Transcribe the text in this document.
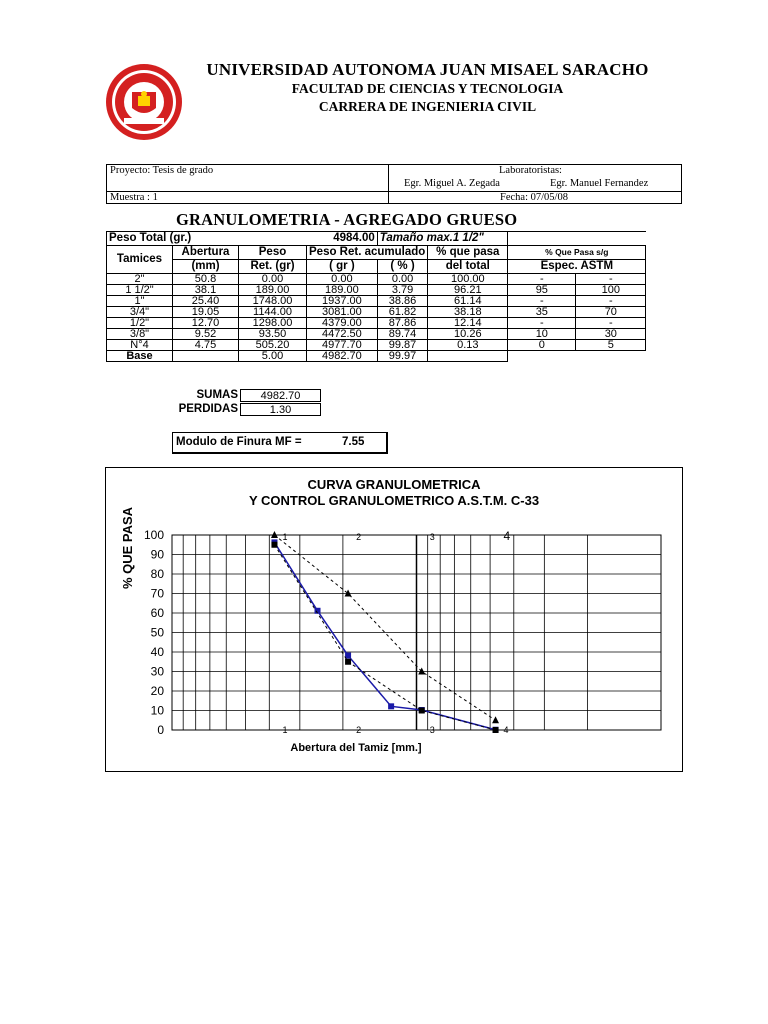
UNIVERSIDAD AUTONOMA JUAN MISAEL SARACHO
FACULTAD DE CIENCIAS Y TECNOLOGIA
CARRERA DE INGENIERIA CIVIL
Proyecto: Tesis de grado
Muestra : 1
Laboratoristas:
Egr. Miguel A. Zegada	Egr. Manuel Fernandez
Fecha: 07/05/08
GRANULOMETRIA - AGREGADO GRUESO
Peso Total (gr.)			4984.00	Tamaño max.1 1/2"			
Tamices	Abertura	Peso	Peso Ret. acumulado		% que pasa	% Que Pasa s/g	
	(mm)	Ret. (gr)	( gr )	( % )	del total	Espec. ASTM	
2"	50.8	0.00	0.00	0.00	100.00	-	-
1 1/2"	38.1	189.00	189.00	3.79	96.21	95	100
1"	25.40	1748.00	1937.00	38.86	61.14	-	-
3/4"	19.05	1144.00	3081.00	61.82	38.18	35	70
1/2"	12.70	1298.00	4379.00	87.86	12.14	-	-
3/8"	9.52	93.50	4472.50	89.74	10.26	10	30
N°4	4.75	505.20	4977.70	99.87	0.13	0	5
Base		5.00	4982.70	99.97			
SUMAS	4982.70
PERDIDAS	1.30
Modulo de Finura MF =	7.55
0
10
20
30
40
50
60
70
80
90
100
CURVA GRANULOMETRICA
Y CONTROL GRANULOMETRICO A.S.T.M. C-33
Abertura del Tamiz [mm.]
% QUE PASA	1	2	3	4
1	2	3	4
